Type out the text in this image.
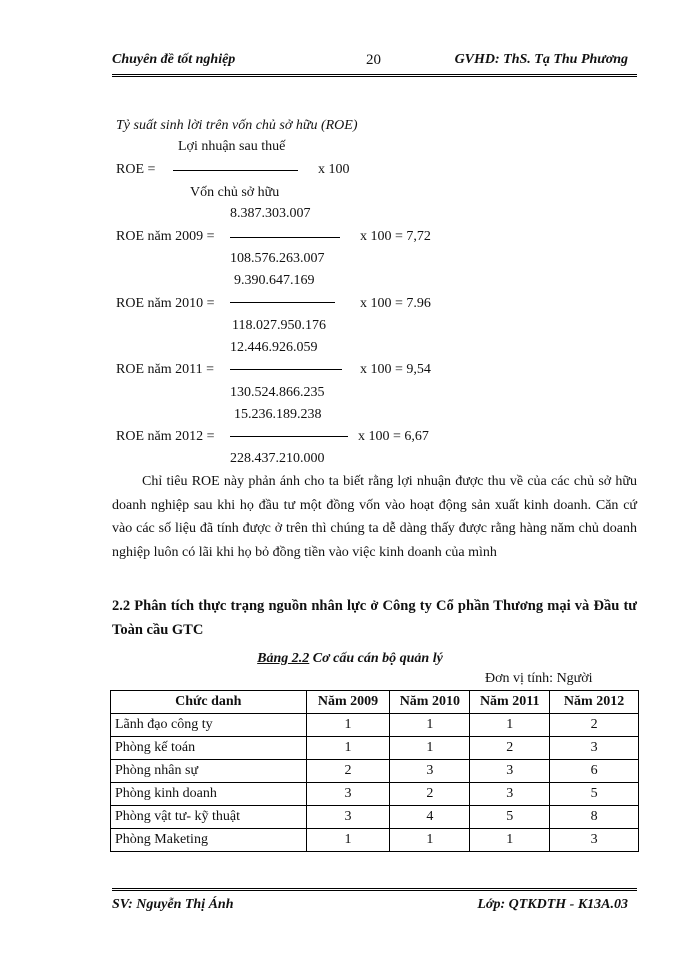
Chuyên đề tốt nghiệp	20	GVHD: ThS. Tạ Thu Phương
Tỷ suất sinh lời trên vốn chủ sở hữu (ROE)
Lợi nhuận sau thuế
ROE =	x 100
Vốn chủ sở hữu
8.387.303.007
ROE năm 2009 =	x 100 = 7,72
108.576.263.007
9.390.647.169
ROE năm 2010 =	x 100 = 7.96
118.027.950.176
12.446.926.059
ROE năm 2011 =	x 100 = 9,54
130.524.866.235
15.236.189.238
ROE năm 2012 =	x 100 = 6,67
228.437.210.000

Chỉ tiêu ROE này phản ánh cho ta biết rằng lợi nhuận được thu về của các chủ sở hữu doanh nghiệp sau khi họ đầu tư một đồng vốn vào hoạt động sản xuất kinh doanh. Căn cứ vào các số liệu đã tính được ở trên thì chúng ta dễ dàng thấy được rằng hàng năm chủ doanh nghiệp luôn có lãi khi họ bỏ đồng tiền vào việc kinh doanh của mình

2.2 Phân tích thực trạng nguồn nhân lực ở Công ty Cổ phần Thương mại và Đầu tư Toàn cầu GTC
Bảng 2.2 Cơ cấu cán bộ quản lý
Đơn vị tính: Người
Chức danh	Năm 2009	Năm 2010	Năm 2011	Năm 2012
Lãnh đạo công ty	1	1	1	2
Phòng kế toán	1	1	2	3
Phòng nhân sự	2	3	3	6
Phòng kinh doanh	3	2	3	5
Phòng vật tư- kỹ thuật	3	4	5	8
Phòng Maketing	1	1	1	3
SV: Nguyễn Thị Ánh	Lớp: QTKDTH - K13A.03
